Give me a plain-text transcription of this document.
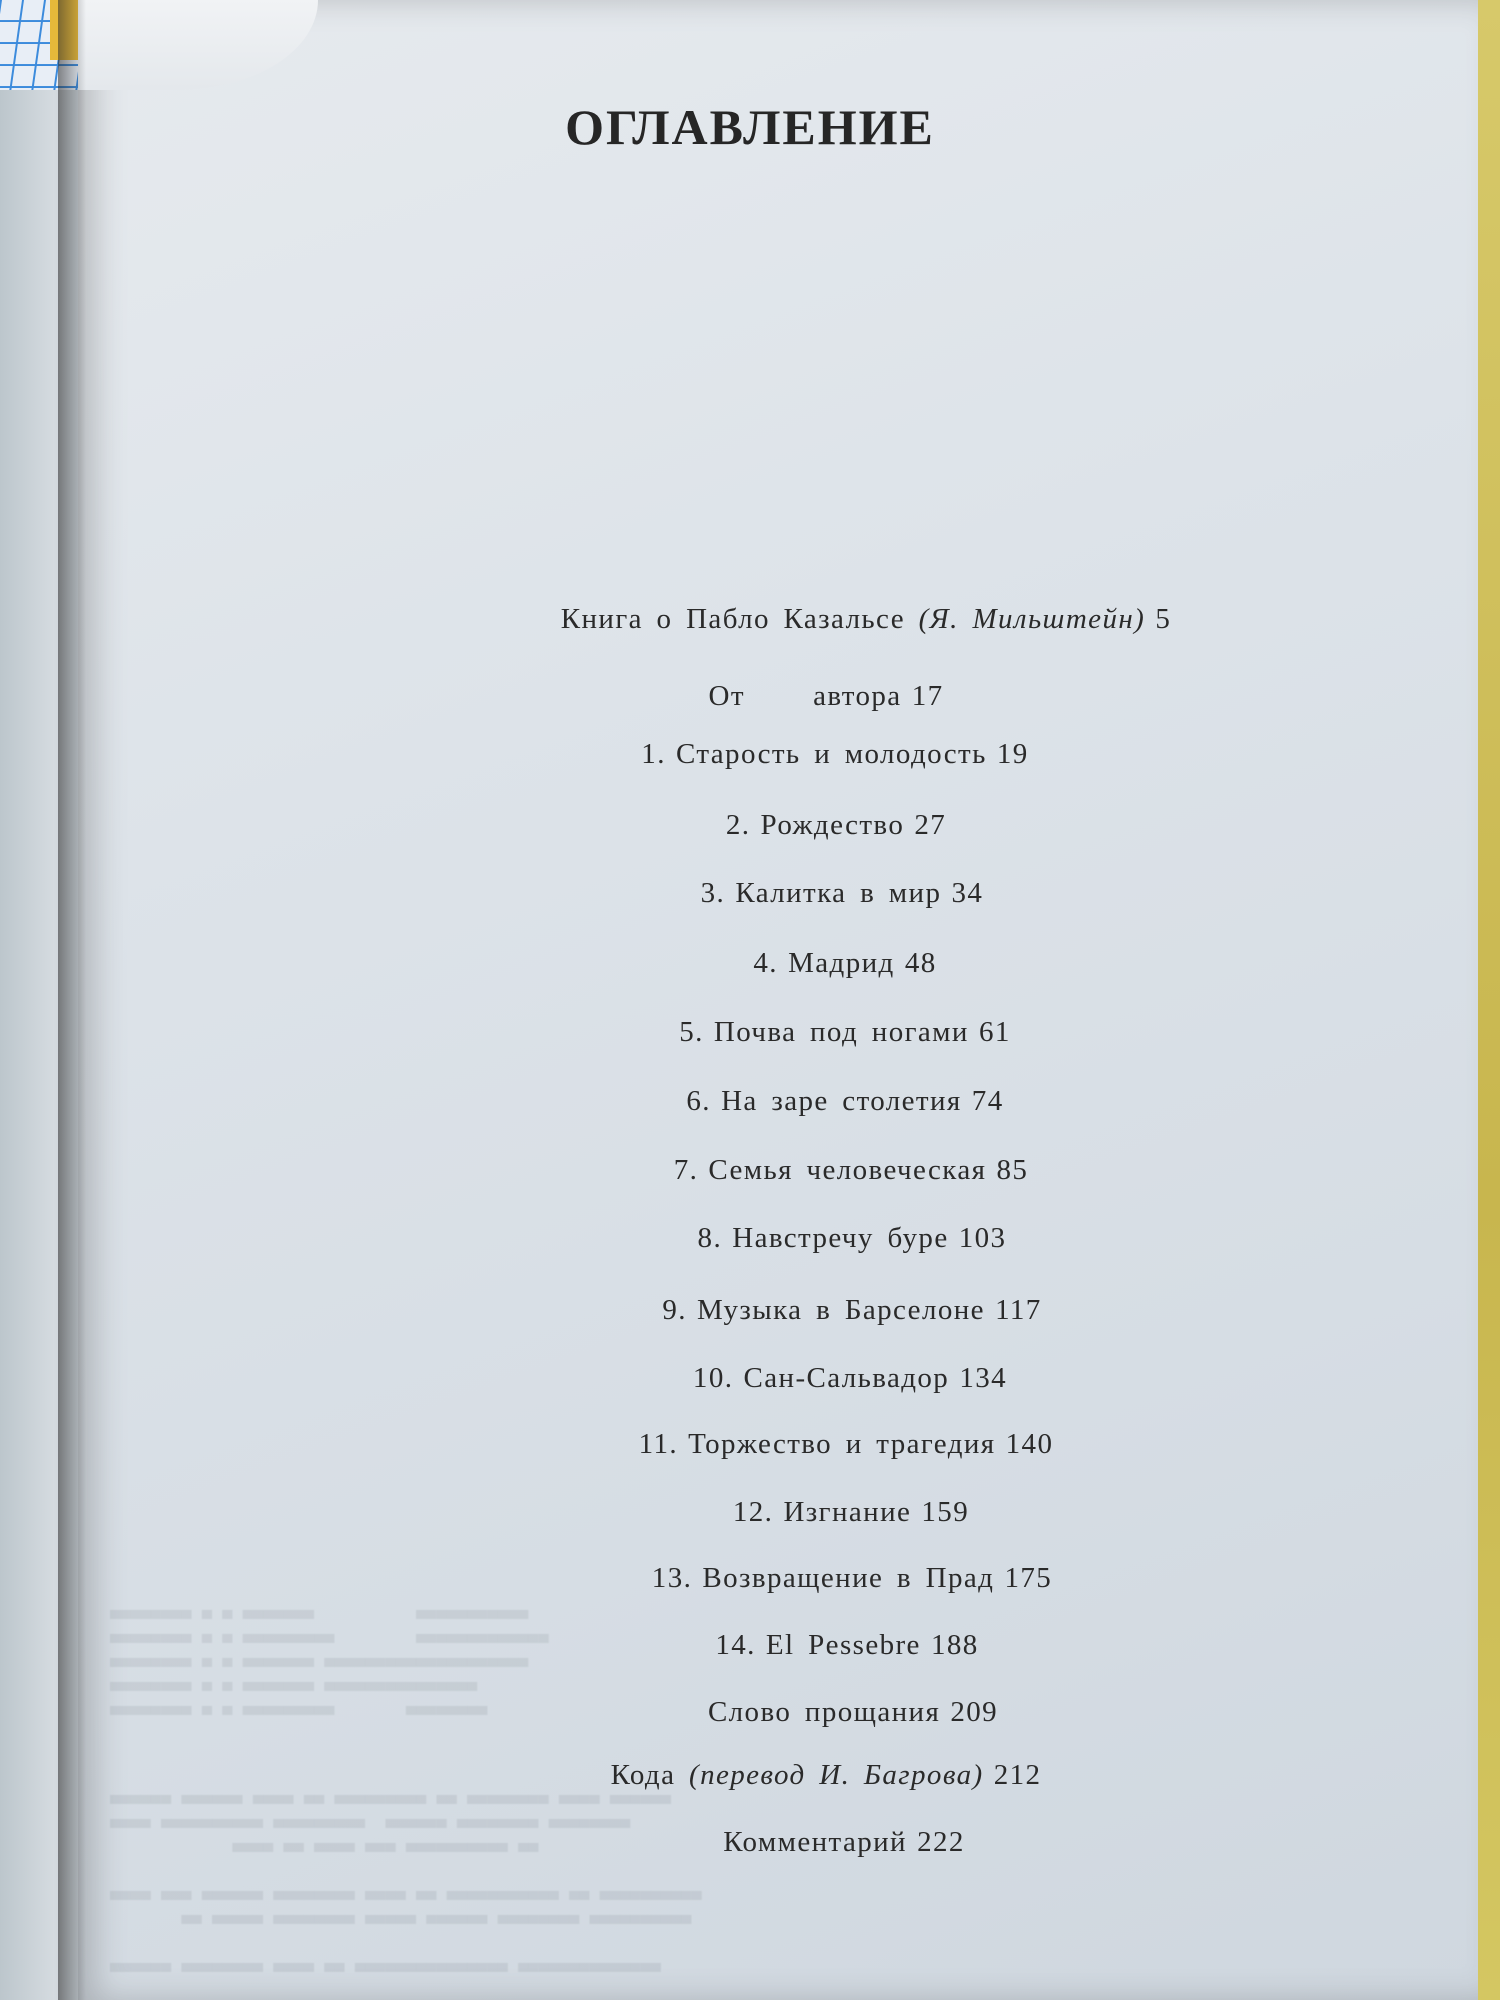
▀▀▀▀▀▀▀▀ ▀ ▀ ▀▀▀▀▀▀▀          ▀▀▀▀▀▀▀▀▀▀▀
▀▀▀▀▀▀▀▀ ▀ ▀ ▀▀▀▀▀▀▀▀▀        ▀▀▀▀▀▀▀▀▀▀▀▀▀
▀▀▀▀▀▀▀▀ ▀ ▀ ▀▀▀▀▀▀▀ ▀▀▀▀▀▀▀▀▀▀▀▀▀▀▀▀▀▀▀▀
▀▀▀▀▀▀▀▀ ▀ ▀ ▀▀▀▀▀▀▀ ▀▀▀▀▀▀▀▀▀▀▀▀▀▀▀
▀▀▀▀▀▀▀▀ ▀ ▀ ▀▀▀▀▀▀▀▀▀       ▀▀▀▀▀▀▀▀

▀▀▀▀▀▀ ▀▀▀▀▀▀ ▀▀▀▀ ▀▀ ▀▀▀▀▀▀▀▀▀ ▀▀ ▀▀▀▀▀▀▀▀ ▀▀▀▀ ▀▀▀▀▀▀
▀▀▀▀ ▀▀▀▀▀▀▀▀▀▀ ▀▀▀▀▀▀▀▀▀  ▀▀▀▀▀▀ ▀▀▀▀▀▀▀▀ ▀▀▀▀▀▀▀▀
▀▀▀▀ ▀▀ ▀▀▀▀ ▀▀▀ ▀▀▀▀▀▀▀▀▀▀ ▀▀

▀▀▀▀ ▀▀▀ ▀▀▀▀▀▀ ▀▀▀▀▀▀▀▀ ▀▀▀▀ ▀▀ ▀▀▀▀▀▀▀▀▀▀▀ ▀▀ ▀▀▀▀▀▀▀▀▀▀
▀▀ ▀▀▀▀▀ ▀▀▀▀▀▀▀▀ ▀▀▀▀▀ ▀▀▀▀▀▀ ▀▀▀▀▀▀▀▀ ▀▀▀▀▀▀▀▀▀▀

▀▀▀▀▀▀ ▀▀▀▀▀▀▀▀ ▀▀▀▀ ▀▀ ▀▀▀▀▀▀▀▀▀▀▀▀▀▀▀ ▀▀▀▀▀▀▀▀▀▀▀▀▀▀

ОГЛАВЛЕНИЕ
Книга о Пабло Казальсе (Я. Мильштейн) 5
От     автора 17
1. Старость и молодость 19
2. Рождество 27
3. Калитка в мир 34
4. Мадрид 48
5. Почва под ногами 61
6. На заре столетия 74
7. Семья человеческая 85
8. Навстречу буре 103
9. Музыка в Барселоне 117
10. Сан-Сальвадор 134
11. Торжество и трагедия 140
12. Изгнание 159
13. Возвращение в Прад 175
14. El Pessebre 188
Слово прощания 209
Кода (перевод И. Багрова) 212
Комментарий 222
